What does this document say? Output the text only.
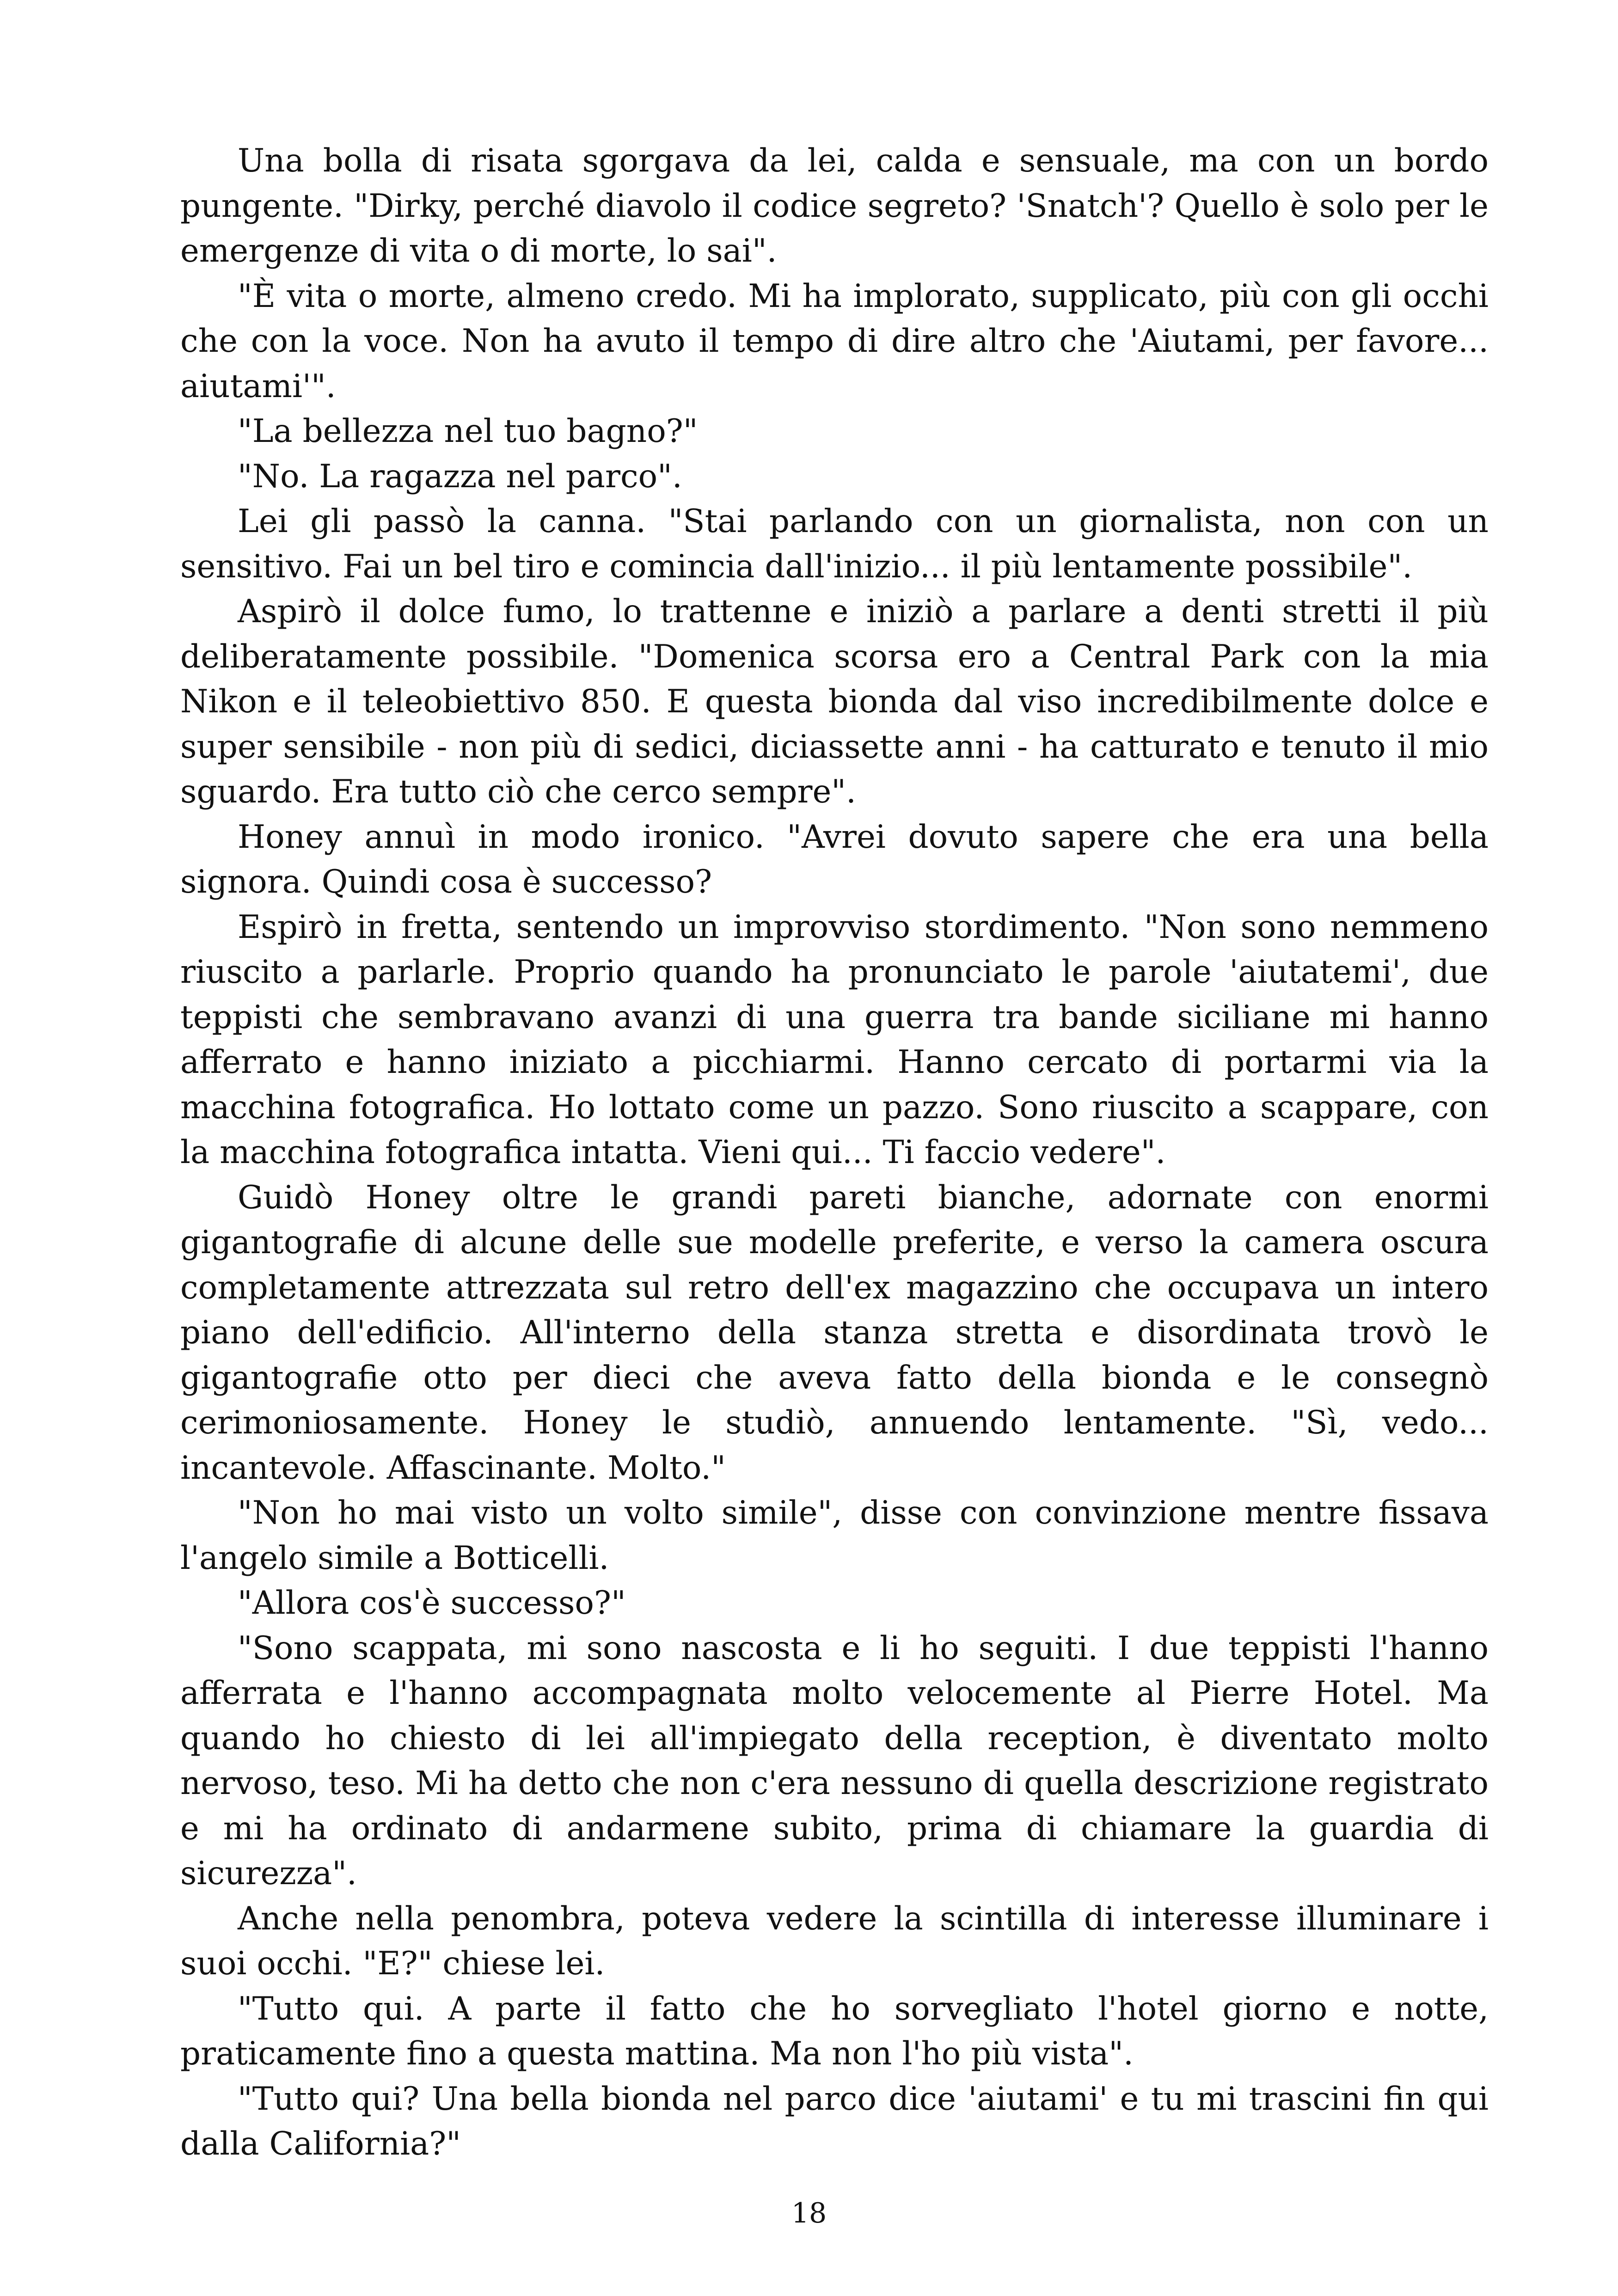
Una bolla di risata sgorgava da lei, calda e sensuale, ma con un bordo pungente. "Dirky, perché diavolo il codice segreto? 'Snatch'? Quello è solo per le emergenze di vita o di morte, lo sai".

"È vita o morte, almeno credo. Mi ha implorato, supplicato, più con gli occhi che con la voce. Non ha avuto il tempo di dire altro che 'Aiutami, per favore... aiutami'".

"La bellezza nel tuo bagno?"

"No. La ragazza nel parco".

Lei gli passò la canna. "Stai parlando con un giornalista, non con un sensitivo. Fai un bel tiro e comincia dall'inizio... il più lentamente possibile".

Aspirò il dolce fumo, lo trattenne e iniziò a parlare a denti stretti il più deliberatamente possibile. "Domenica scorsa ero a Central Park con la mia Nikon e il teleobiettivo 850. E questa bionda dal viso incredibilmente dolce e super sensibile - non più di sedici, diciassette anni - ha catturato e tenuto il mio sguardo. Era tutto ciò che cerco sempre".

Honey annuì in modo ironico. "Avrei dovuto sapere che era una bella signora. Quindi cosa è successo?

Espirò in fretta, sentendo un improvviso stordimento. "Non sono nemmeno riuscito a parlarle. Proprio quando ha pronunciato le parole 'aiutatemi', due teppisti che sembravano avanzi di una guerra tra bande siciliane mi hanno afferrato e hanno iniziato a picchiarmi. Hanno cercato di portarmi via la macchina fotografica. Ho lottato come un pazzo. Sono riuscito a scappare, con la macchina fotografica intatta. Vieni qui... Ti faccio vedere".

Guidò Honey oltre le grandi pareti bianche, adornate con enormi gigantografie di alcune delle sue modelle preferite, e verso la camera oscura completamente attrezzata sul retro dell'ex magazzino che occupava un intero piano dell'edificio. All'interno della stanza stretta e disordinata trovò le gigantografie otto per dieci che aveva fatto della bionda e le consegnò cerimoniosamente. Honey le studiò, annuendo lentamente. "Sì, vedo... incantevole. Affascinante. Molto."

"Non ho mai visto un volto simile", disse con convinzione mentre fissava l'angelo simile a Botticelli.

"Allora cos'è successo?"

"Sono scappata, mi sono nascosta e li ho seguiti. I due teppisti l'hanno afferrata e l'hanno accompagnata molto velocemente al Pierre Hotel. Ma quando ho chiesto di lei all'impiegato della reception, è diventato molto nervoso, teso. Mi ha detto che non c'era nessuno di quella descrizione registrato e mi ha ordinato di andarmene subito, prima di chiamare la guardia di sicurezza".

Anche nella penombra, poteva vedere la scintilla di interesse illuminare i suoi occhi. "E?" chiese lei.

"Tutto qui. A parte il fatto che ho sorvegliato l'hotel giorno e notte, praticamente fino a questa mattina. Ma non l'ho più vista".

"Tutto qui? Una bella bionda nel parco dice 'aiutami' e tu mi trascini fin qui dalla California?"

18
